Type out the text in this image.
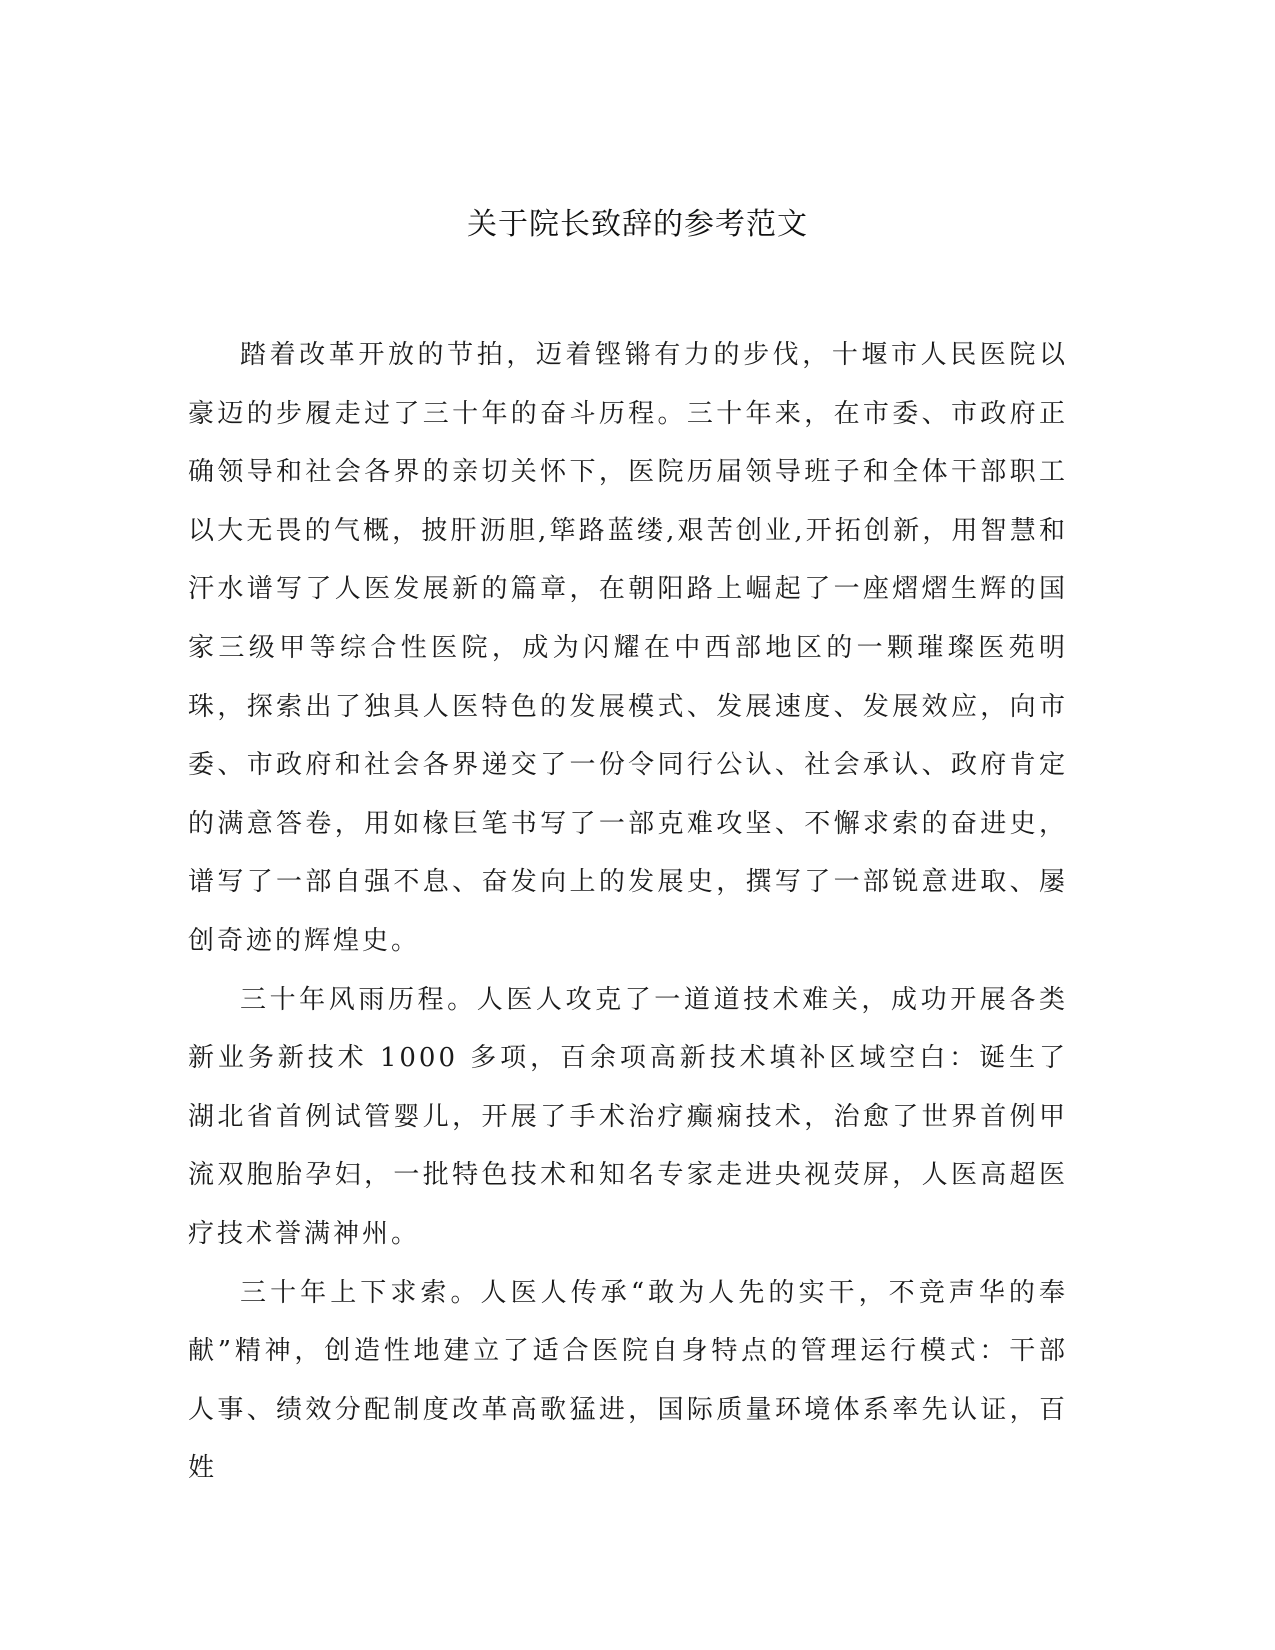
关于院长致辞的参考范文

踏着改革开放的节拍，迈着铿锵有力的步伐，十堰市人民医院以豪迈的步履走过了三十年的奋斗历程。三十年来，在市委、市政府正确领导和社会各界的亲切关怀下，医院历届领导班子和全体干部职工以大无畏的气概，披肝沥胆,筚路蓝缕,艰苦创业,开拓创新，用智慧和汗水谱写了人医发展新的篇章，在朝阳路上崛起了一座熠熠生辉的国家三级甲等综合性医院，成为闪耀在中西部地区的一颗璀璨医苑明珠，探索出了独具人医特色的发展模式、发展速度、发展效应，向市委、市政府和社会各界递交了一份令同行公认、社会承认、政府肯定的满意答卷，用如椽巨笔书写了一部克难攻坚、不懈求索的奋进史，谱写了一部自强不息、奋发向上的发展史，撰写了一部锐意进取、屡创奇迹的辉煌史。

三十年风雨历程。人医人攻克了一道道技术难关，成功开展各类新业务新技术 1000 多项，百余项高新技术填补区域空白：诞生了湖北省首例试管婴儿，开展了手术治疗癫痫技术，治愈了世界首例甲流双胞胎孕妇，一批特色技术和知名专家走进央视荧屏，人医高超医疗技术誉满神州。

三十年上下求索。人医人传承“敢为人先的实干，不竞声华的奉献”精神，创造性地建立了适合医院自身特点的管理运行模式：干部人事、绩效分配制度改革高歌猛进，国际质量环境体系率先认证，百姓
